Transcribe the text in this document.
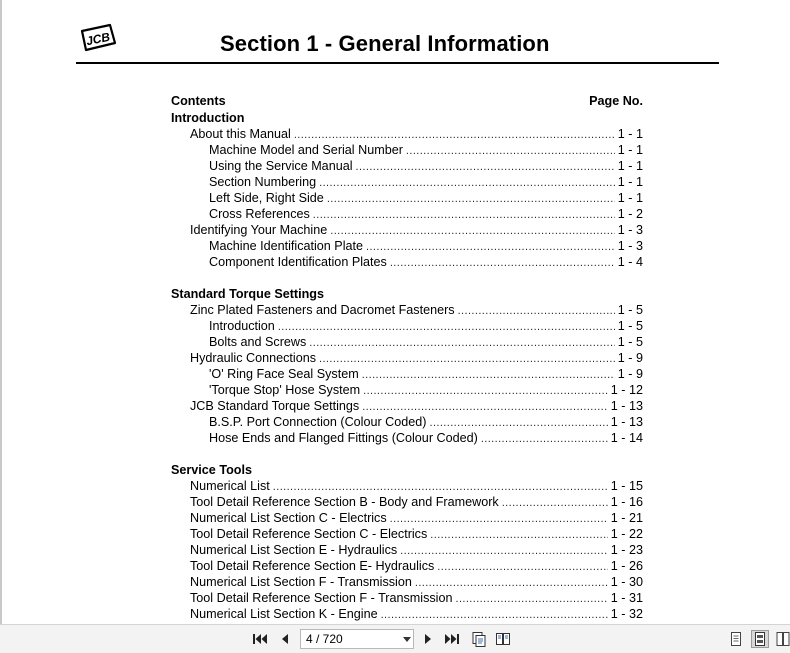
JCB	Section 1 - General Information
Contents	Page No.
Introduction
About this Manual .....	1 - 1
Machine Model and Serial Number .....	1 - 1
Using the Service Manual .....	1 - 1
Section Numbering .....	1 - 1
Left Side, Right Side .....	1 - 1
Cross References .....	1 - 2
Identifying Your Machine .....	1 - 3
Machine Identification Plate .....	1 - 3
Component Identification Plates .....	1 - 4
Standard Torque Settings
Zinc Plated Fasteners and Dacromet Fasteners .....	1 - 5
Introduction .....	1 - 5
Bolts and Screws .....	1 - 5
Hydraulic Connections .....	1 - 9
'O' Ring Face Seal System .....	1 - 9
'Torque Stop' Hose System .....	1 - 12
JCB Standard Torque Settings .....	1 - 13
B.S.P. Port Connection (Colour Coded) .....	1 - 13
Hose Ends and Flanged Fittings (Colour Coded) .....	1 - 14
Service Tools
Numerical List .....	1 - 15
Tool Detail Reference Section B - Body and Framework .....	1 - 16
Numerical List Section C - Electrics .....	1 - 21
Tool Detail Reference Section C - Electrics .....	1 - 22
Numerical List Section E - Hydraulics .....	1 - 23
Tool Detail Reference Section E- Hydraulics .....	1 - 26
Numerical List Section F - Transmission .....	1 - 30
Tool Detail Reference Section F - Transmission .....	1 - 31
Numerical List Section K - Engine .....	1 - 32
4 / 720
